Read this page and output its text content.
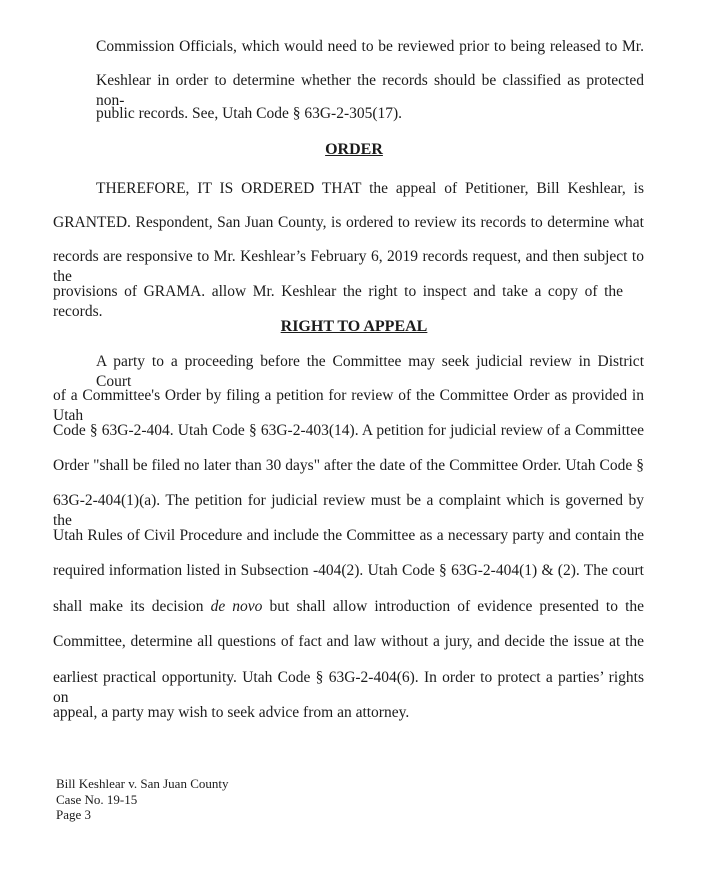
Commission Officials, which would need to be reviewed prior to being released to Mr.
Keshlear in order to determine whether the records should be classified as protected non-
public records. See, Utah Code § 63G-2-305(17).
ORDER
THEREFORE, IT IS ORDERED THAT the appeal of Petitioner, Bill Keshlear, is
GRANTED. Respondent, San Juan County, is ordered to review its records to determine what
records are responsive to Mr. Keshlear’s February 6, 2019 records request, and then subject to the
provisions of GRAMA. allow Mr. Keshlear the right to inspect and take a copy of the records.
RIGHT TO APPEAL
A party to a proceeding before the Committee may seek judicial review in District Court
of a Committee's Order by filing a petition for review of the Committee Order as provided in Utah
Code § 63G-2-404. Utah Code § 63G-2-403(14). A petition for judicial review of a Committee
Order "shall be filed no later than 30 days" after the date of the Committee Order. Utah Code §
63G-2-404(1)(a). The petition for judicial review must be a complaint which is governed by the
Utah Rules of Civil Procedure and include the Committee as a necessary party and contain the
required information listed in Subsection -404(2). Utah Code § 63G-2-404(1) & (2). The court
shall make its decision de novo but shall allow introduction of evidence presented to the
Committee, determine all questions of fact and law without a jury, and decide the issue at the
earliest practical opportunity. Utah Code § 63G-2-404(6). In order to protect a parties’ rights on
appeal, a party may wish to seek advice from an attorney.
Bill Keshlear v. San Juan County
Case No. 19-15
Page 3
